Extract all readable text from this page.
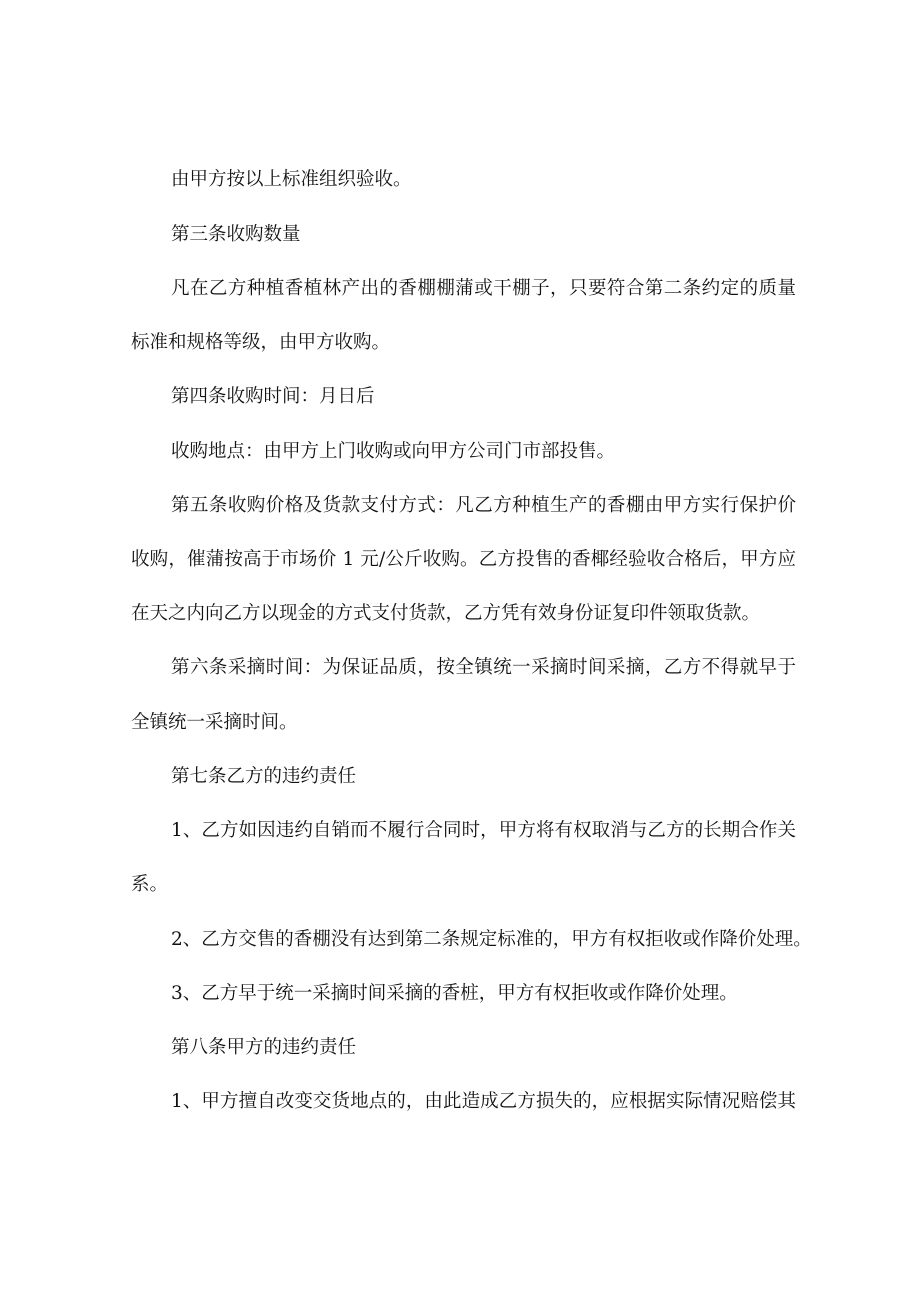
由甲方按以上标准组织验收。
第三条收购数量
凡在乙方种植香植林产出的香棚棚蒲或干棚子，只要符合第二条约定的质量
标准和规格等级，由甲方收购。
第四条收购时间：月日后
收购地点：由甲方上门收购或向甲方公司门市部投售。
第五条收购价格及货款支付方式：凡乙方种植生产的香棚由甲方实行保护价
收购，催蒲按高于市场价 1 元/公斤收购。乙方投售的香椰经验收合格后，甲方应
在天之内向乙方以现金的方式支付货款，乙方凭有效身份证复印件领取货款。
第六条采摘时间：为保证品质，按全镇统一采摘时间采摘，乙方不得就早于
全镇统一采摘时间。
第七条乙方的违约责任
1、乙方如因违约自销而不履行合同时，甲方将有权取消与乙方的长期合作关
系。
2、乙方交售的香棚没有达到第二条规定标准的，甲方有权拒收或作降价处理。
3、乙方早于统一采摘时间采摘的香桩，甲方有权拒收或作降价处理。
第八条甲方的违约责任
1、甲方擅自改变交货地点的，由此造成乙方损失的，应根据实际情况赔偿其
